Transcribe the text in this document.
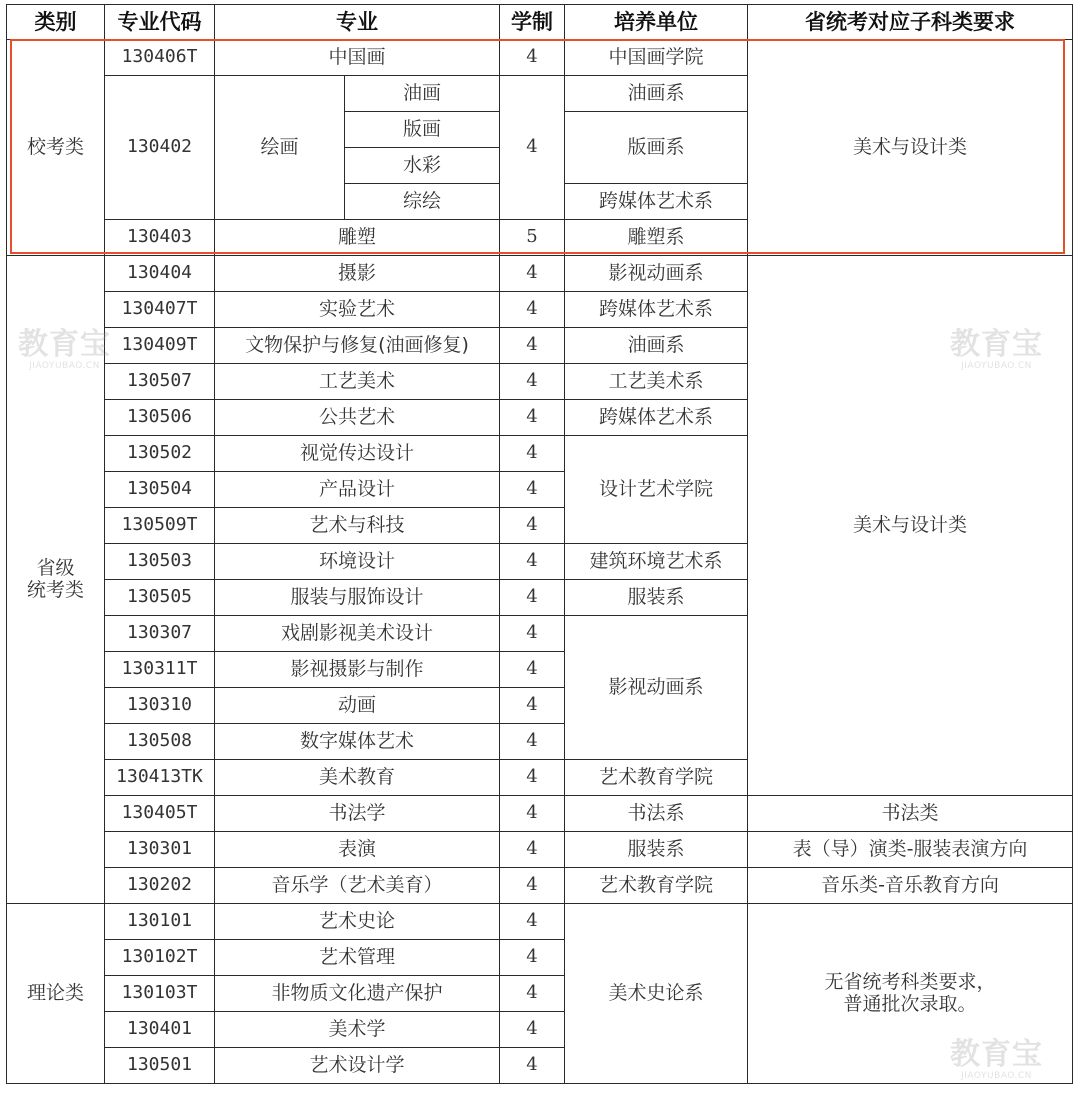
类别	专业代码	专业		学制	培养单位	省统考对应子科类要求
校考类	130406T	中国画		4	中国画学院	美术与设计类
	130402	绘画	油画	4	油画系	
			版画		版画系	
			水彩			
			综绘		跨媒体艺术系	
	130403	雕塑		5	雕塑系	

省级
统考类	130404	摄影		4	影视动画系	美术与设计类
	130407T	实验艺术		4	跨媒体艺术系	
	130409T	文物保护与修复(油画修复)		4	油画系	
	130507	工艺美术		4	工艺美术系	
	130506	公共艺术		4	跨媒体艺术系	
	130502	视觉传达设计		4	设计艺术学院	
	130504	产品设计		4		
	130509T	艺术与科技		4		
	130503	环境设计		4	建筑环境艺术系	
	130505	服装与服饰设计		4	服装系	
	130307	戏剧影视美术设计		4	影视动画系	
	130311T	影视摄影与制作		4		
	130310	动画		4		
	130508	数字媒体艺术		4		
	130413TK	美术教育		4	艺术教育学院	
	130405T	书法学		4	书法系	书法类
	130301	表演		4	服装系	表（导）演类-服装表演方向
	130202	音乐学（艺术美育）		4	艺术教育学院	音乐类-音乐教育方向
理论类	130101	艺术史论		4	美术史论系	无省统考科类要求，
普通批次录取。

	130102T	艺术管理		4		
	130103T	非物质文化遗产保护		4		
	130401	美术学		4		
	130501	艺术设计学		4		
教育宝
JIAOYUBAO.CN
教育宝
JIAOYUBAO.CN
教育宝
JIAOYUBAO.CN
